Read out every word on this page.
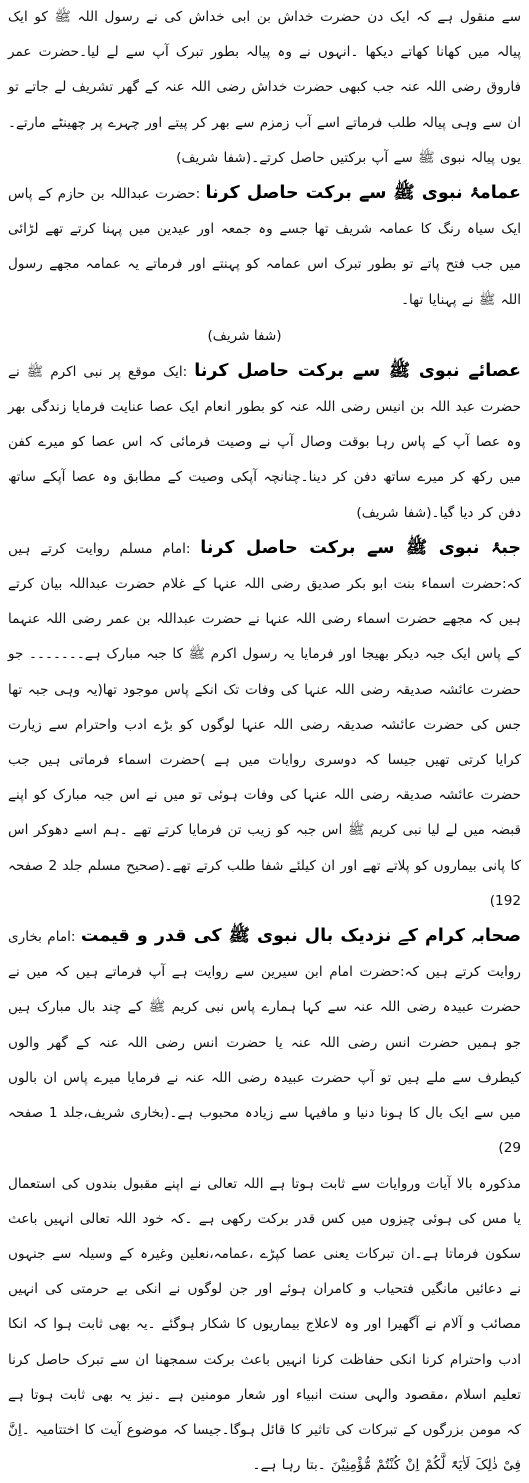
سے منقول ہے کہ ایک دن حضرت خداش بن ابی خداش کی نے رسول اللہ ﷺ کو ایک پیالہ میں کھانا کھاتے دیکھا ۔انہوں نے وہ پیالہ بطور تبرک آپ سے لے لیا۔حضرت عمر فاروق رضی اللہ عنہ جب کبھی حضرت خداش رضی اللہ عنہ کے گھر تشریف لے جاتے تو ان سے وہی پیالہ طلب فرماتے اسے آب زمزم سے بھر کر پیتے اور چہرے پر چھینٹے مارتے۔یوں پیالہ نبوی ﷺ سے آپ برکتیں حاصل کرتے۔(شفا شریف)

عمامۂ نبوی ﷺ سے برکت حاصل کرنا :حضرت عبداللہ بن حازم کے پاس ایک سیاہ رنگ کا عمامہ شریف تھا جسے وہ جمعہ اور عیدین میں پہنا کرتے تھے لڑائی میں جب فتح پاتے تو بطور تبرک اس عمامہ کو پہنتے اور فرماتے یہ عمامہ مجھے رسول اللہ ﷺ نے پہنایا تھا۔

(شفا شریف)

عصائے نبوی ﷺ سے برکت حاصل کرنا :ایک موقع پر نبی اکرم ﷺ نے حضرت عبد اللہ بن انیس رضی اللہ عنہ کو بطور انعام ایک عصا عنایت فرمایا زندگی بھر وہ عصا آپ کے پاس رہا بوقت وصال آپ نے وصیت فرمائی کہ اس عصا کو میرے کفن میں رکھ کر میرے ساتھ دفن کر دینا۔چنانچہ آپکی وصیت کے مطابق وہ عصا آپکے ساتھ دفن کر دیا گیا۔(شفا شریف)

جبۂ نبوی ﷺ سے برکت حاصل کرنا :امام مسلم روایت کرتے ہیں کہ:حضرت اسماء بنت ابو بکر صدیق رضی اللہ عنہا کے غلام حضرت عبداللہ بیان کرتے ہیں کہ مجھے حضرت اسماء رضی اللہ عنہا نے حضرت عبداللہ بن عمر رضی اللہ عنہما کے پاس ایک جبہ دیکر بھیجا اور فرمایا یہ رسول اکرم ﷺ کا جبہ مبارک ہے۔۔۔۔۔۔۔ جو حضرت عائشہ صدیقہ رضی اللہ عنہا کی وفات تک انکے پاس موجود تھا(یہ وہی جبہ تھا جس کی حضرت عائشہ صدیقہ رضی اللہ عنہا لوگوں کو بڑے ادب واحترام سے زیارت کرایا کرتی تھیں جیسا کہ دوسری روایات میں ہے )حضرت اسماء فرماتی ہیں جب حضرت عائشہ صدیقہ رضی اللہ عنہا کی وفات ہوئی تو میں نے اس جبہ مبارک کو اپنے قبضہ میں لے لیا نبی کریم ﷺ اس جبہ کو زیب تن فرمایا کرتے تھے ۔ہم اسے دھوکر اس کا پانی بیماروں کو پلاتے تھے اور ان کیلئے شفا طلب کرتے تھے۔(صحیح مسلم جلد 2 صفحہ 192)

صحابہ کرام کے نزدیک بال نبوی ﷺ کی قدر و قیمت :امام بخاری روایت کرتے ہیں کہ:حضرت امام ابن سیرین سے روایت ہے آپ فرماتے ہیں کہ میں نے حضرت عبیدہ رضی اللہ عنہ سے کہا ہمارے پاس نبی کریم ﷺ کے چند بال مبارک ہیں جو ہمیں حضرت انس رضی اللہ عنہ یا حضرت انس رضی اللہ عنہ کے گھر والوں کیطرف سے ملے ہیں تو آپ حضرت عبیدہ رضی اللہ عنہ نے فرمایا میرے پاس ان بالوں میں سے ایک بال کا ہونا دنیا و مافیہا سے زیادہ محبوب ہے۔(بخاری شریف،جلد 1 صفحہ 29)

مذکورہ بالا آیات وروایات سے ثابت ہوتا ہے اللہ تعالی نے اپنے مقبول بندوں کی استعمال یا مس کی ہوئی چیزوں میں کس قدر برکت رکھی ہے ۔کہ خود اللہ تعالی انہیں باعث سکون فرماتا ہے۔ان تبرکات یعنی عصا کپڑے ،عمامہ،نعلین وغیرہ کے وسیلہ سے جنہوں نے دعائیں مانگیں فتحیاب و کامران ہوئے اور جن لوگوں نے انکی بے حرمتی کی انہیں مصائب و آلام نے آگھیرا اور وہ لاعلاج بیماریوں کا شکار ہوگئے ۔یہ بھی ثابت ہوا کہ انکا ادب واحترام کرنا انکی حفاظت کرنا انہیں باعث برکت سمجھنا ان سے تبرک حاصل کرنا تعلیم اسلام ،مقصود والہی سنت انبیاء اور شعار مومنین ہے ۔نیز یہ بھی ثابت ہوتا ہے کہ مومن بزرگوں کے تبرکات کی تاثیر کا قائل ہوگا۔جیسا کہ موضوع آیت کا اختتامیہ ۔اِنَّ فِیْ ذٰلِکَ لَاٰیَۃً لَّکُمْ اِنْ کُنْتُمْ مُّؤْمِنِیْنَ ۔بتا رہا ہے۔
